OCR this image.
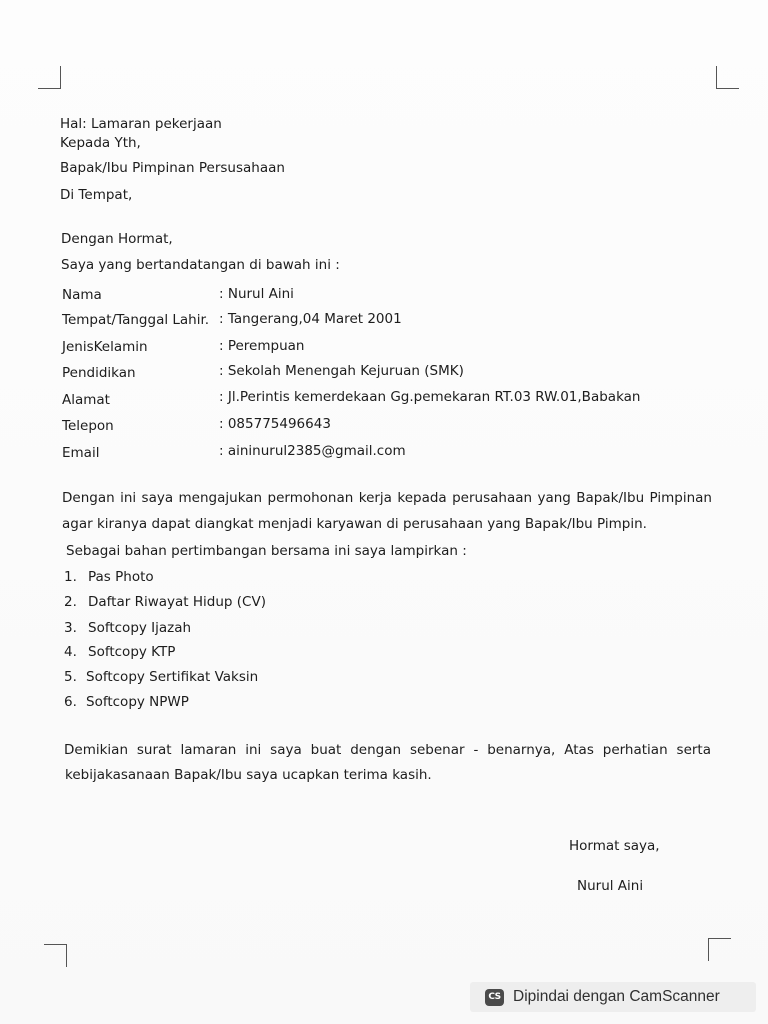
Hal: Lamaran pekerjaan
Kepada Yth,
Bapak/Ibu Pimpinan Persusahaan
Di Tempat,
Dengan Hormat,
Saya yang bertandatangan di bawah ini :
Nama	: Nurul Aini
Tempat/Tanggal Lahir. : Tangerang,04 Maret 2001
JenisKelamin	: Perempuan
Pendidikan	: Sekolah Menengah Kejuruan (SMK)
Alamat	: Jl.Perintis kemerdekaan Gg.pemekaran RT.03 RW.01,Babakan
Telepon	: 085775496643
Email	: aininurul2385@gmail.com
Dengan ini saya mengajukan permohonan kerja kepada perusahaan yang Bapak/Ibu Pimpinan
agar kiranya dapat diangkat menjadi karyawan di perusahaan yang Bapak/Ibu Pimpin.
Sebagai bahan pertimbangan bersama ini saya lampirkan :
1. Pas Photo
2. Daftar Riwayat Hidup (CV)
3. Softcopy Ijazah
4. Softcopy KTP
5. Softcopy Sertifikat Vaksin
6. Softcopy NPWP
Demikian surat lamaran ini saya buat dengan sebenar - benarnya, Atas perhatian serta
kebijakasanaan Bapak/Ibu saya ucapkan terima kasih.
Hormat saya,
Nurul Aini
CS Dipindai dengan CamScanner
